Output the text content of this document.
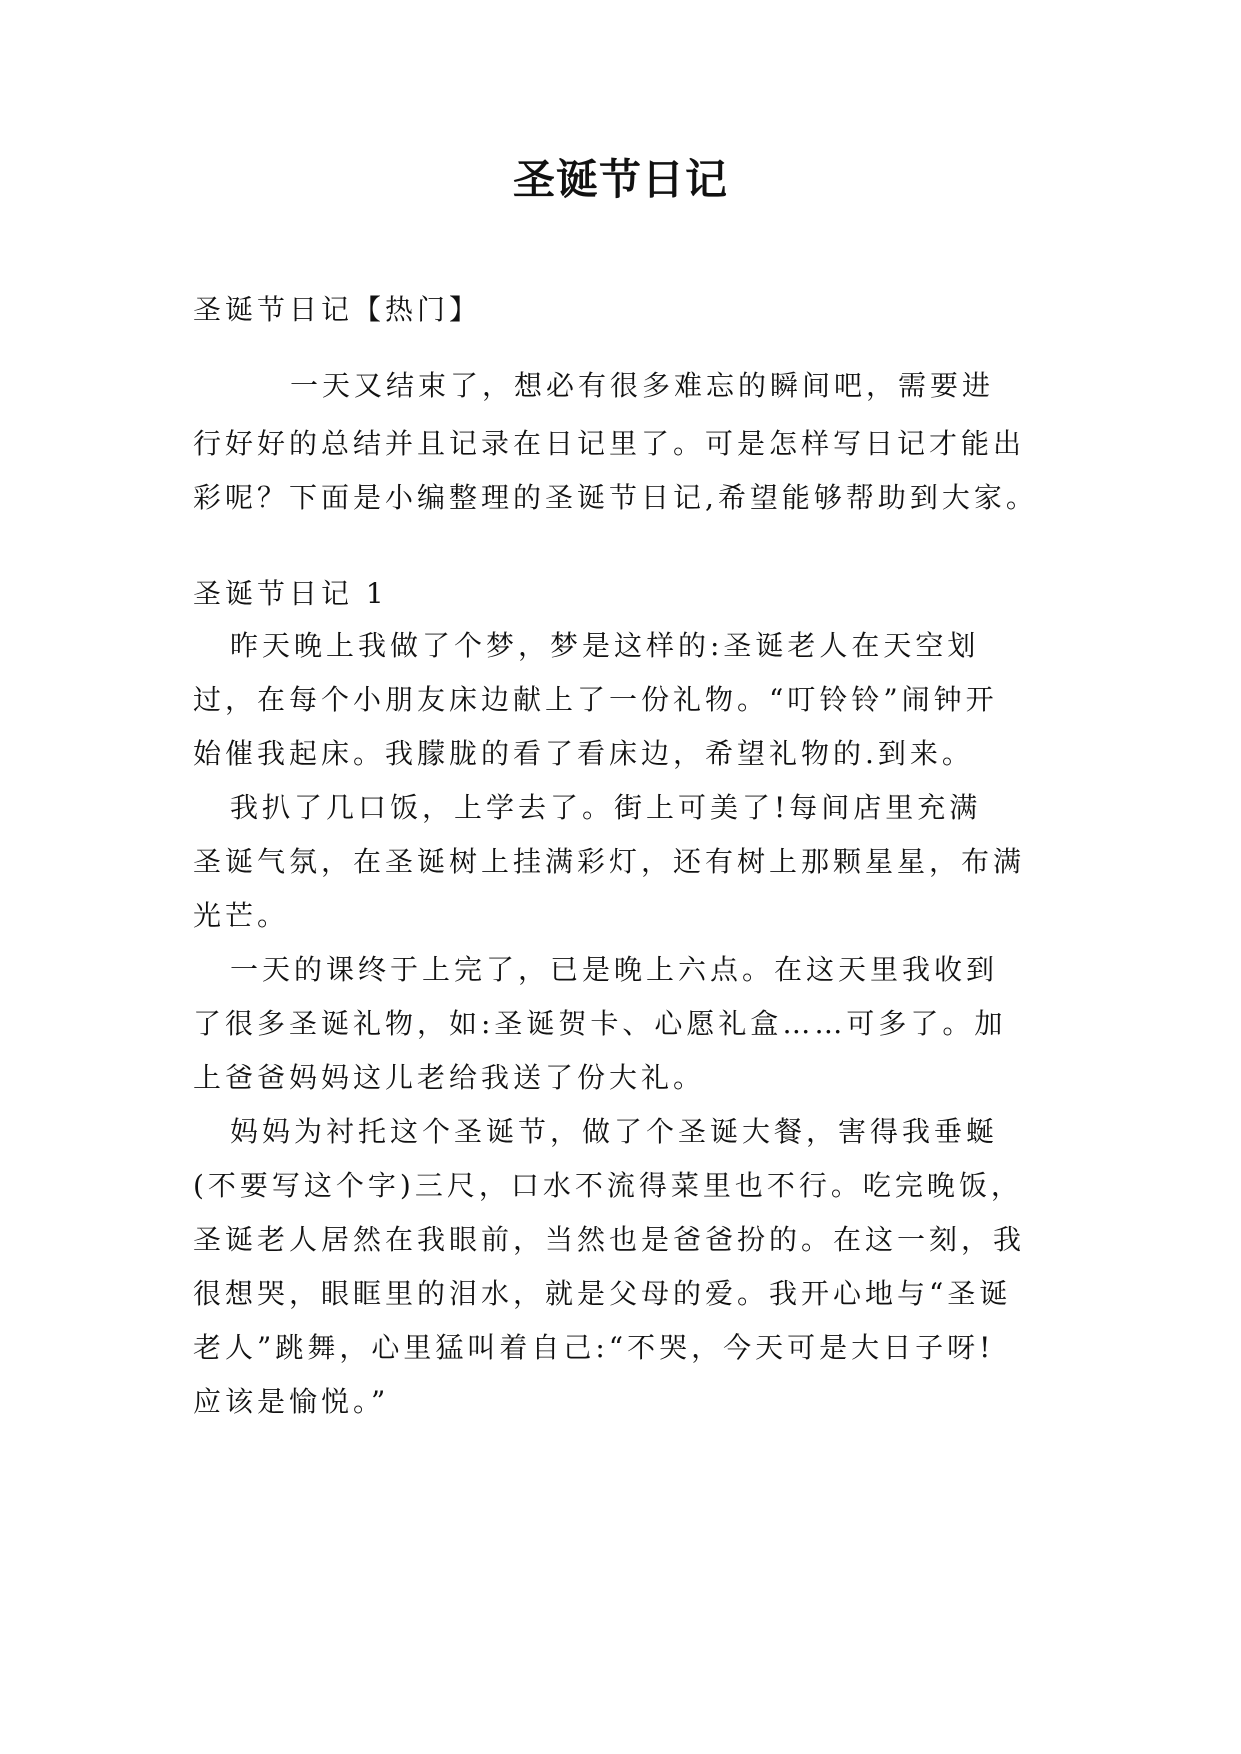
圣诞节日记
圣诞节日记【热门】
一天又结束了，想必有很多难忘的瞬间吧，需要进
行好好的总结并且记录在日记里了。可是怎样写日记才能出
彩呢？下面是小编整理的圣诞节日记,希望能够帮助到大家。
圣诞节日记 1
昨天晚上我做了个梦，梦是这样的:圣诞老人在天空划
过，在每个小朋友床边献上了一份礼物。“叮铃铃”闹钟开
始催我起床。我朦胧的看了看床边，希望礼物的.到来。
我扒了几口饭，上学去了。街上可美了!每间店里充满
圣诞气氛，在圣诞树上挂满彩灯，还有树上那颗星星，布满
光芒。
一天的课终于上完了，已是晚上六点。在这天里我收到
了很多圣诞礼物，如:圣诞贺卡、心愿礼盒……可多了。加
上爸爸妈妈这儿老给我送了份大礼。
妈妈为衬托这个圣诞节，做了个圣诞大餐，害得我垂蜒
(不要写这个字)三尺，口水不流得菜里也不行。吃完晚饭，
圣诞老人居然在我眼前，当然也是爸爸扮的。在这一刻，我
很想哭，眼眶里的泪水，就是父母的爱。我开心地与“圣诞
老人”跳舞，心里猛叫着自己:“不哭，今天可是大日子呀!
应该是愉悦。”
